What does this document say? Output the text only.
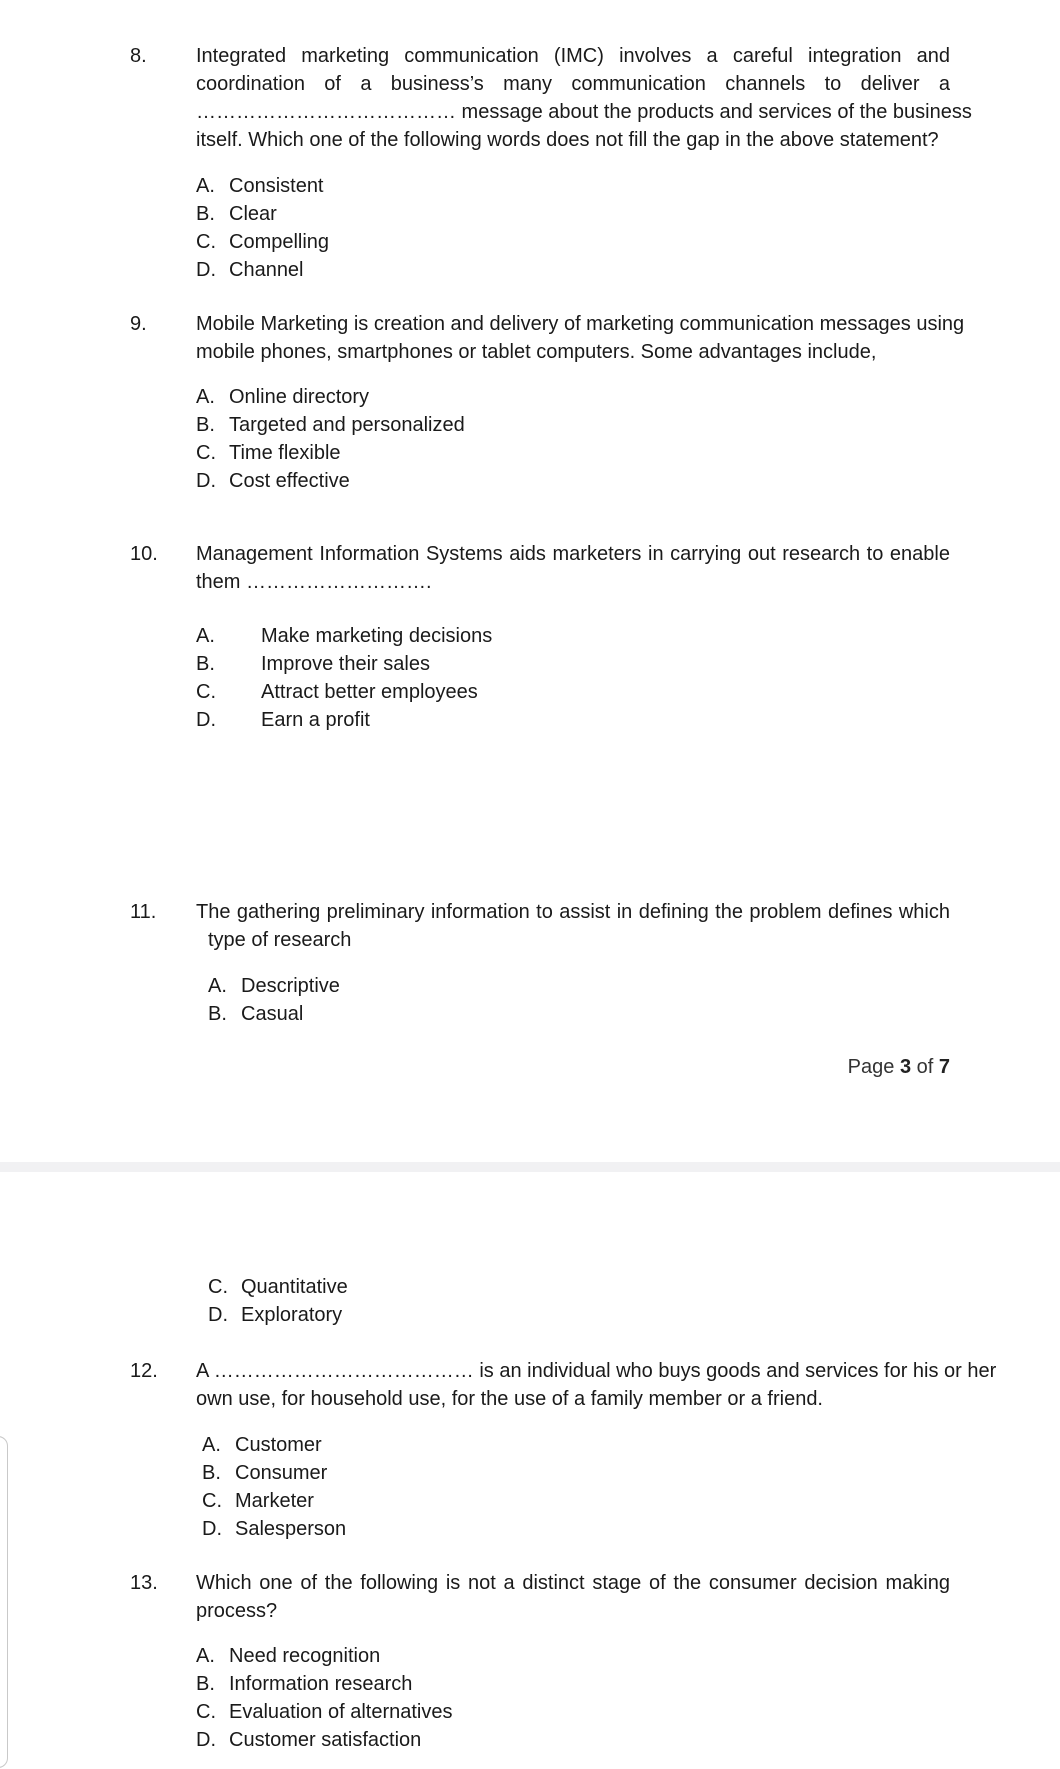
8. Integrated marketing communication (IMC) involves a careful integration and
coordination of a business’s many communication channels to deliver a
………………………………… message about the products and services of the business
itself. Which one of the following words does not fill the gap in the above statement?
A. Consistent
B. Clear
C. Compelling
D. Channel
9. Mobile Marketing is creation and delivery of marketing communication messages using
mobile phones, smartphones or tablet computers. Some advantages include,
A. Online directory
B. Targeted and personalized
C. Time flexible
D. Cost effective
10. Management Information Systems aids marketers in carrying out research to enable
them ……………………….
A. Make marketing decisions
B. Improve their sales
C. Attract better employees
D. Earn a profit
11. The gathering preliminary information to assist in defining the problem defines which
type of research
A. Descriptive
B. Casual
Page 3 of 7
C. Quantitative
D. Exploratory
12. A ………………………………… is an individual who buys goods and services for his or her
own use, for household use, for the use of a family member or a friend.
A. Customer
B. Consumer
C. Marketer
D. Salesperson
13. Which one of the following is not a distinct stage of the consumer decision making
process?
A. Need recognition
B. Information research
C. Evaluation of alternatives
D. Customer satisfaction
